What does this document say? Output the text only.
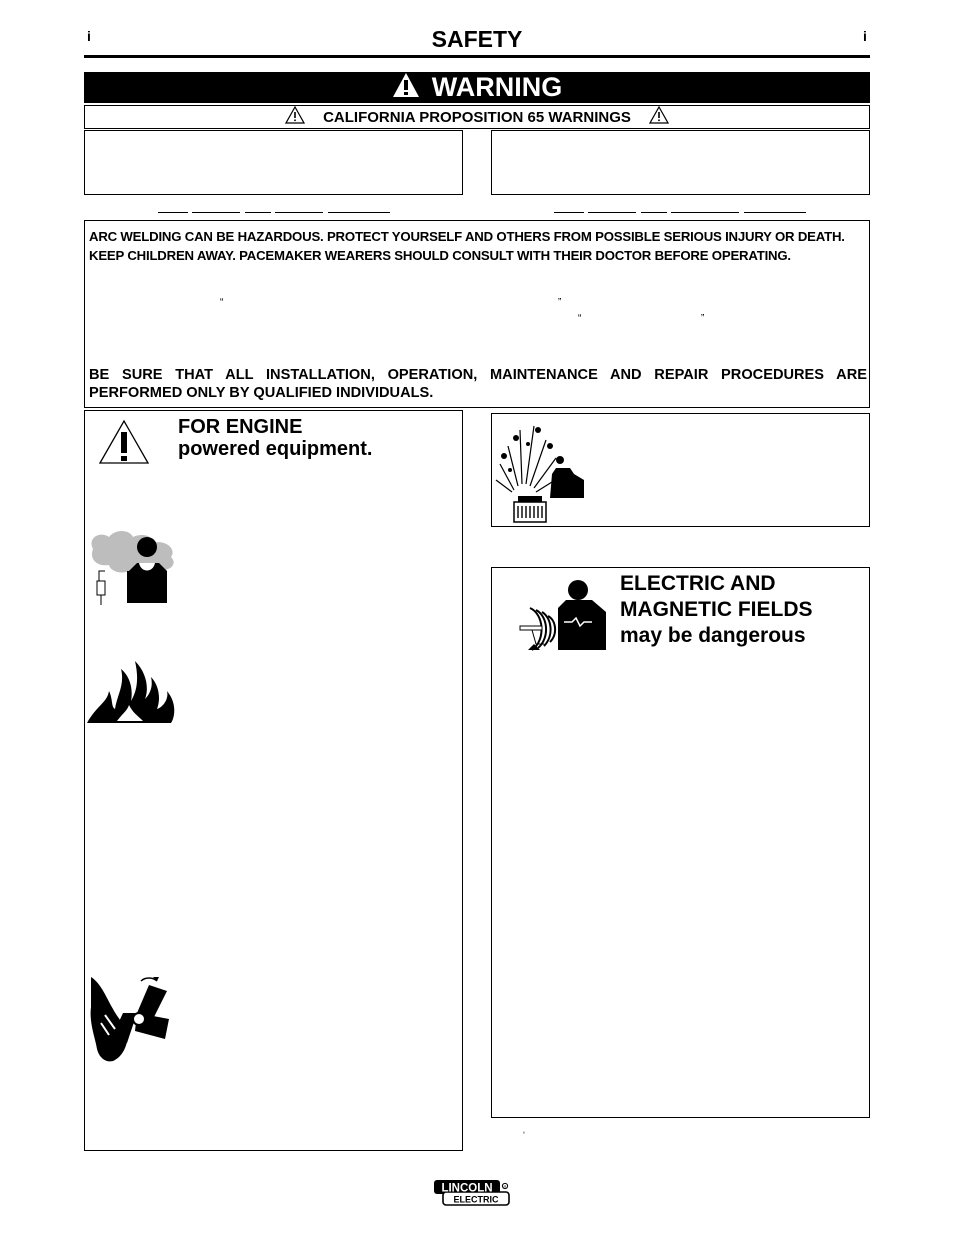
i	i
SAFETY
WARNING
CALIFORNIA PROPOSITION 65 WARNINGS
ARC WELDING CAN BE HAZARDOUS. PROTECT YOURSELF AND OTHERS FROM POSSIBLE SERIOUS INJURY OR DEATH.
KEEP CHILDREN AWAY. PACEMAKER WEARERS SHOULD CONSULT WITH THEIR DOCTOR BEFORE OPERATING.
“	”
“	”
BE SURE THAT ALL INSTALLATION, OPERATION, MAINTENANCE AND REPAIR PROCEDURES ARE
PERFORMED ONLY BY QUALIFIED INDIVIDUALS.
FOR ENGINE
powered equipment.
ELECTRIC AND
MAGNETIC FIELDS
may be dangerous
‘
LINCOLN
ELECTRIC
R
